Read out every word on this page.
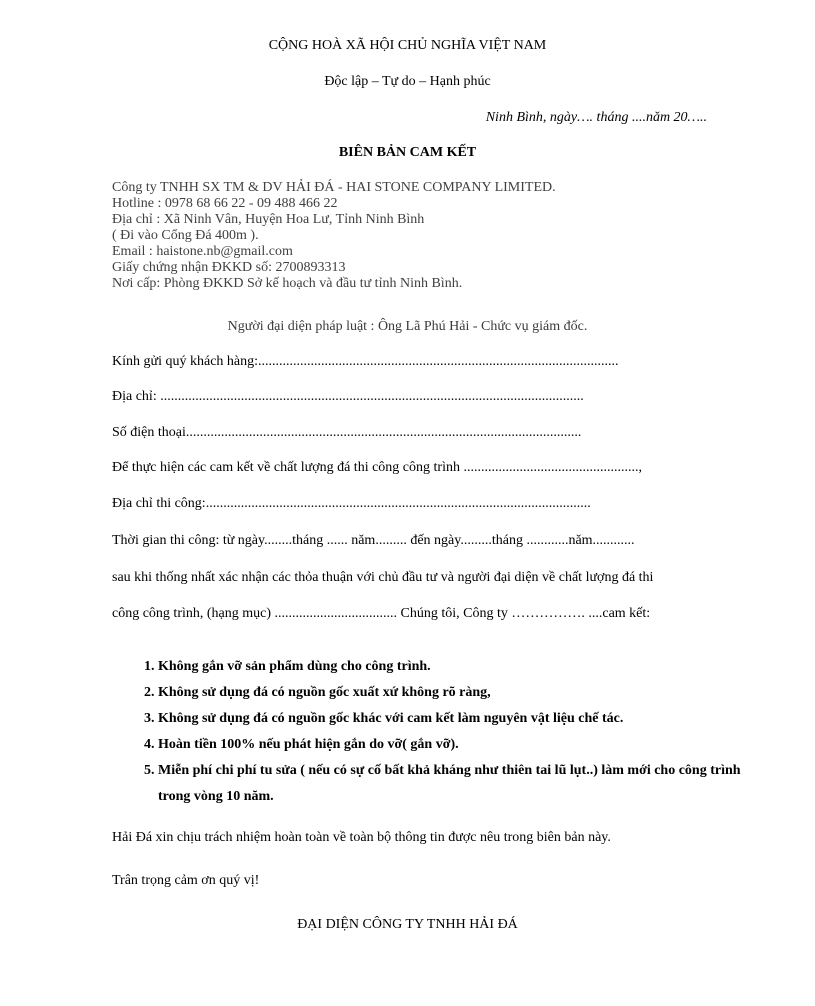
CỘNG HOÀ XÃ HỘI CHỦ NGHĨA VIỆT NAM
Độc lập – Tự do – Hạnh phúc
Ninh Bình, ngày…. tháng ....năm 20…..
BIÊN BẢN CAM KẾT
Công ty TNHH SX TM & DV HẢI ĐÁ - HAI STONE COMPANY LIMITED.
Hotline : 0978 68 66 22 - 09 488 466 22
Địa chỉ : Xã Ninh Vân, Huyện Hoa Lư, Tỉnh Ninh Bình
( Đi vào Cổng Đá 400m ).
Email : haistone.nb@gmail.com
Giấy chứng nhận ĐKKD số: 2700893313
Nơi cấp: Phòng ĐKKD Sở kế hoạch và đầu tư tỉnh Ninh Bình.
Người đại diện pháp luật : Ông Lã Phú Hải - Chức vụ giám đốc.
Kính gửi quý khách hàng:.......................................................................................................
Địa chỉ: .........................................................................................................................
Số điện thoại.................................................................................................................
Để thực hiện các cam kết về chất lượng đá thi công công trình ..................................................,
Địa chỉ thi công:..............................................................................................................
Thời gian thi công: từ ngày........tháng ...... năm......... đến ngày.........tháng ............năm............
sau khi thống nhất xác nhận các thỏa thuận với chủ đầu tư và người đại diện về chất lượng đá thi
công công trình, (hạng mục) ................................... Chúng tôi, Công ty ……………. ....cam kết:
1. Không gắn vỡ sản phẩm dùng cho công trình.
2. Không sử dụng đá có nguồn gốc xuất xứ không rõ ràng,
3. Không sử dụng đá có nguồn gốc khác với cam kết làm nguyên vật liệu chế tác.
4. Hoàn tiền 100% nếu phát hiện gắn do vỡ( gắn vỡ).
5. Miễn phí chi phí tu sửa ( nếu có sự cố bất khả kháng như thiên tai lũ lụt..) làm mới cho công trình trong vòng 10 năm.
Hải Đá xin chịu trách nhiệm hoàn toàn về toàn bộ thông tin được nêu trong biên bản này.
Trân trọng cảm ơn quý vị!
ĐẠI DIỆN CÔNG TY TNHH HẢI ĐÁ
